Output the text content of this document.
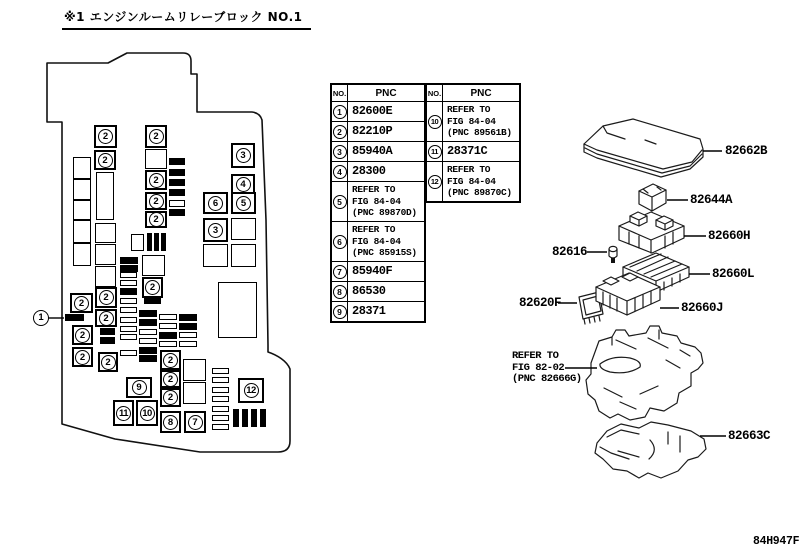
※1 エンジンルームリレーブロック NO.1
2
2
2
2
2
2
3
4
6	5
3
2
2	2
2
2
2	2	2
2
2
9
11	10
8	7
12
1
NO.	PNC
1 82600E
2 82210P
3 85940A
4 28300
5
REFER TO
FIG 84-04
(PNC 89870D)
6
REFER TO
FIG 84-04
(PNC 85915S)
7 85940F
8 86530
9 28371
NO.	PNC
10
REFER TO
FIG 84-04
(PNC 89561B)
11 28371C
12
REFER TO
FIG 84-04
(PNC 89870C)
82662B
82644A
82660H
82616
82660L
82620F	82660J
82663C
REFER TO
FIG 82-02
(PNC 82666G)
84H947F
